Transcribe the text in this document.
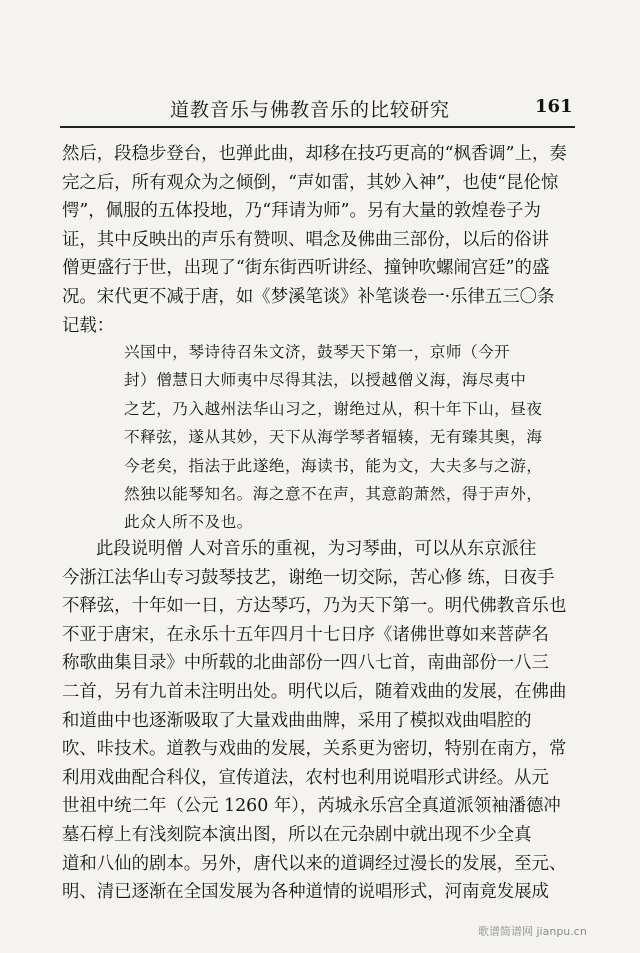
道教音乐与佛教音乐的比较研究	161
然后，段稳步登台，也弹此曲，却移在技巧更高的“枫香调”上，奏
完之后，所有观众为之倾倒，“声如雷，其妙入神”，也使“昆伦惊
愕”，佩服的五体投地，乃“拜请为师”。另有大量的敦煌卷子为
证，其中反映出的声乐有赞呗、唱念及佛曲三部份，以后的俗讲
僧更盛行于世，出现了“街东街西听讲经、撞钟吹螺闹宫廷”的盛
况。宋代更不减于唐，如《梦溪笔谈》补笔谈卷一·乐律五三〇条
记载：
兴国中，琴诗待召朱文济，鼓琴天下第一，京师（今开
封）僧慧日大师夷中尽得其法，以授越僧义海，海尽夷中
之艺，乃入越州法华山习之，谢绝过从，积十年下山，昼夜
不释弦，遂从其妙，天下从海学琴者辐辏，无有臻其奥，海
今老矣，指法于此遂绝，海读书，能为文，大夫多与之游，
然独以能琴知名。海之意不在声，其意韵萧然，得于声外，
此众人所不及也。
此段说明僧 人对音乐的重视，为习琴曲，可以从东京派往
今浙江法华山专习鼓琴技艺，谢绝一切交际，苦心修 练，日夜手
不释弦，十年如一日，方达琴巧，乃为天下第一。明代佛教音乐也
不亚于唐宋，在永乐十五年四月十七日序《诸佛世尊如来菩萨名
称歌曲集目录》中所载的北曲部份一四八七首，南曲部份一八三
二首，另有九首未注明出处。明代以后，随着戏曲的发展，在佛曲
和道曲中也逐渐吸取了大量戏曲曲牌，采用了模拟戏曲唱腔的
吹、咔技术。道教与戏曲的发展，关系更为密切，特别在南方，常
利用戏曲配合科仪，宣传道法，农村也利用说唱形式讲经。从元
世祖中统二年（公元 1260 年），芮城永乐宫全真道派领袖潘德冲
墓石椁上有浅刻院本演出图，所以在元杂剧中就出现不少全真
道和八仙的剧本。另外，唐代以来的道调经过漫长的发展，至元、
明、清已逐渐在全国发展为各种道情的说唱形式，河南竟发展成
歌谱简谱网 jianpu.cn
